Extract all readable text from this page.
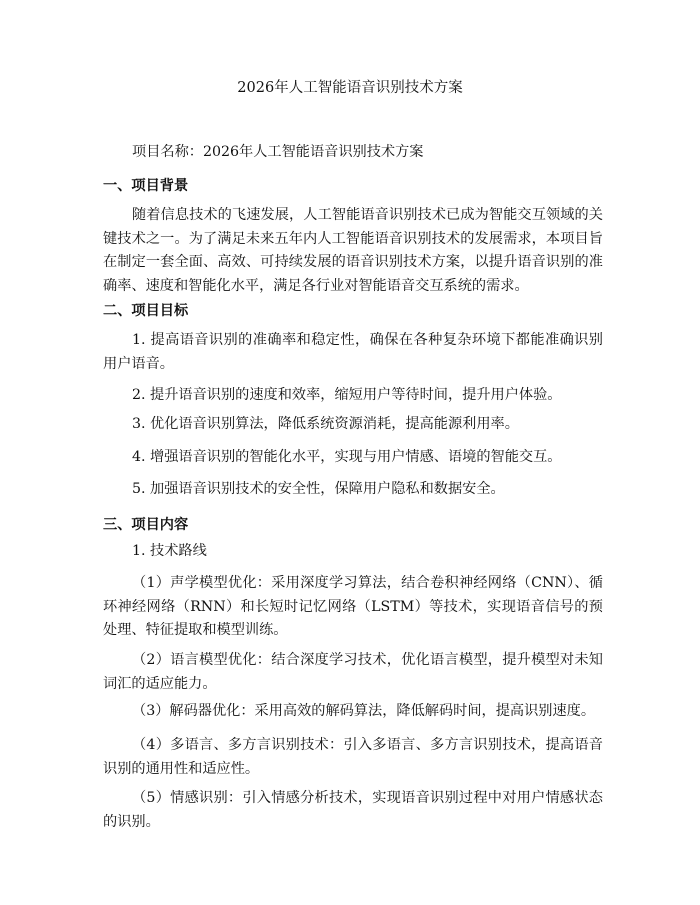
2026年人工智能语音识别技术方案

项目名称：2026年人工智能语音识别技术方案

一、项目背景

随着信息技术的飞速发展，人工智能语音识别技术已成为智能交互领域的关键技术之一。为了满足未来五年内人工智能语音识别技术的发展需求，本项目旨在制定一套全面、高效、可持续发展的语音识别技术方案，以提升语音识别的准确率、速度和智能化水平，满足各行业对智能语音交互系统的需求。

二、项目目标

1. 提高语音识别的准确率和稳定性，确保在各种复杂环境下都能准确识别用户语音。

2. 提升语音识别的速度和效率，缩短用户等待时间，提升用户体验。

3. 优化语音识别算法，降低系统资源消耗，提高能源利用率。

4. 增强语音识别的智能化水平，实现与用户情感、语境的智能交互。

5. 加强语音识别技术的安全性，保障用户隐私和数据安全。

三、项目内容

1. 技术路线

（1）声学模型优化：采用深度学习算法，结合卷积神经网络（CNN）、循环神经网络（RNN）和长短时记忆网络（LSTM）等技术，实现语音信号的预处理、特征提取和模型训练。

（2）语言模型优化：结合深度学习技术，优化语言模型，提升模型对未知词汇的适应能力。

（3）解码器优化：采用高效的解码算法，降低解码时间，提高识别速度。

（4）多语言、多方言识别技术：引入多语言、多方言识别技术，提高语音识别的通用性和适应性。

（5）情感识别：引入情感分析技术，实现语音识别过程中对用户情感状态的识别。
